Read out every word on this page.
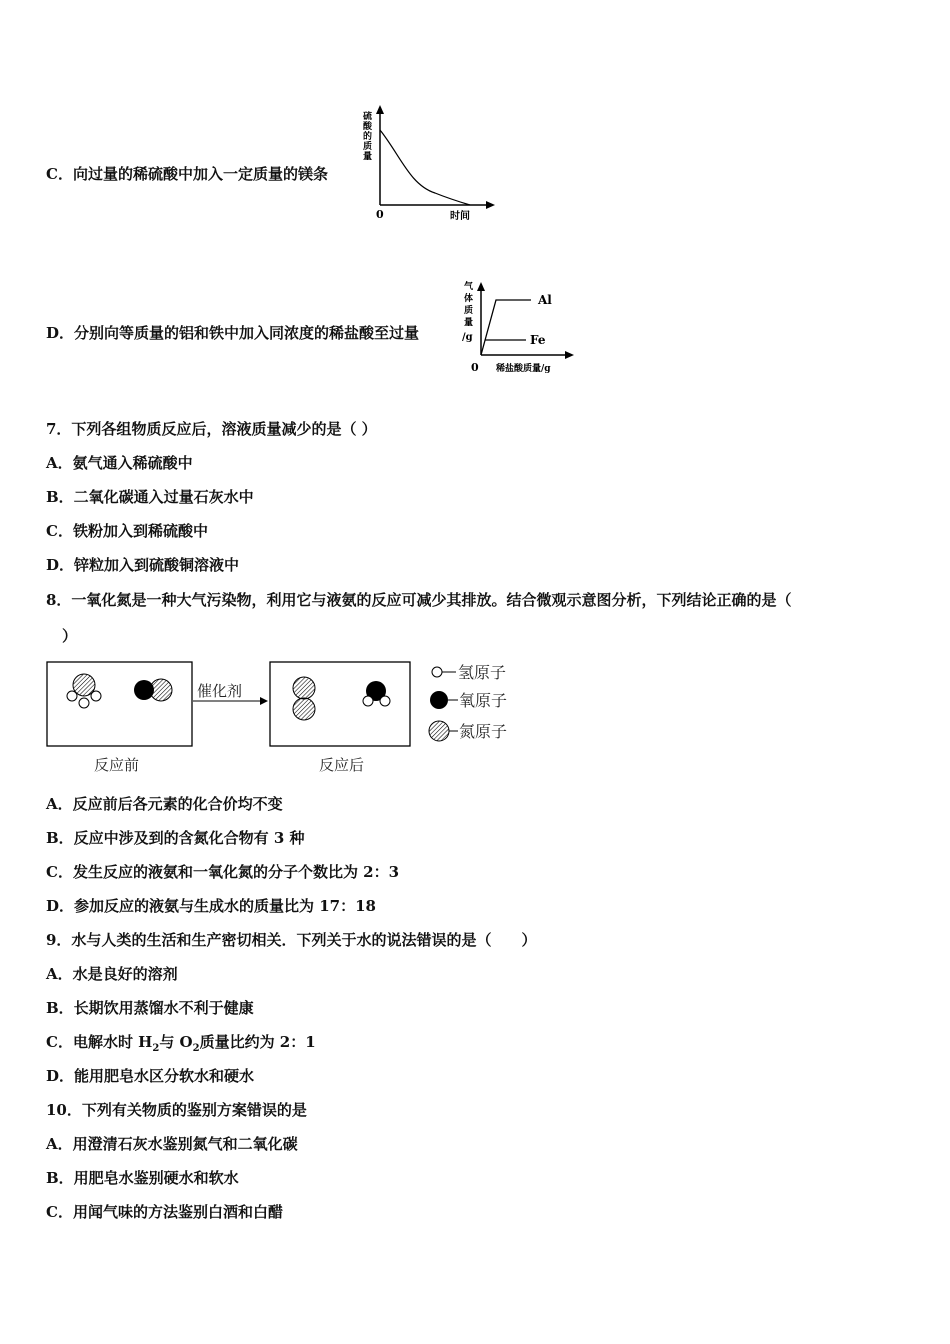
C．向过量的稀硫酸中加入一定质量的镁条
硫
酸
的
质
量
0	时间
D．分别向等质量的铝和铁中加入同浓度的稀盐酸至过量
Al
Fe
气
体
质
量
/g
0 稀盐酸质量/g
7．下列各组物质反应后，溶液质量减少的是（ ）
A．氨气通入稀硫酸中
B．二氧化碳通入过量石灰水中
C．铁粉加入到稀硫酸中
D．锌粒加入到硫酸铜溶液中
8．一氧化氮是一种大气污染物，利用它与液氨的反应可减少其排放。结合微观示意图分析，下列结论正确的是（
）
催化剂
反应前	反应后
氢原子
氧原子
氮原子
A．反应前后各元素的化合价均不变
B．反应中涉及到的含氮化合物有 3 种
C．发生反应的液氨和一氧化氮的分子个数比为 2：3
D．参加反应的液氨与生成水的质量比为 17：18
9．水与人类的生活和生产密切相关．下列关于水的说法错误的是（　　）
A．水是良好的溶剂
B．长期饮用蒸馏水不利于健康
C．电解水时 $H_2$与 $O_2$质量比约为 2：1
D．能用肥皂水区分软水和硬水
10．下列有关物质的鉴别方案错误的是
A．用澄清石灰水鉴别氮气和二氧化碳
B．用肥皂水鉴别硬水和软水
C．用闻气味的方法鉴别白酒和白醋
